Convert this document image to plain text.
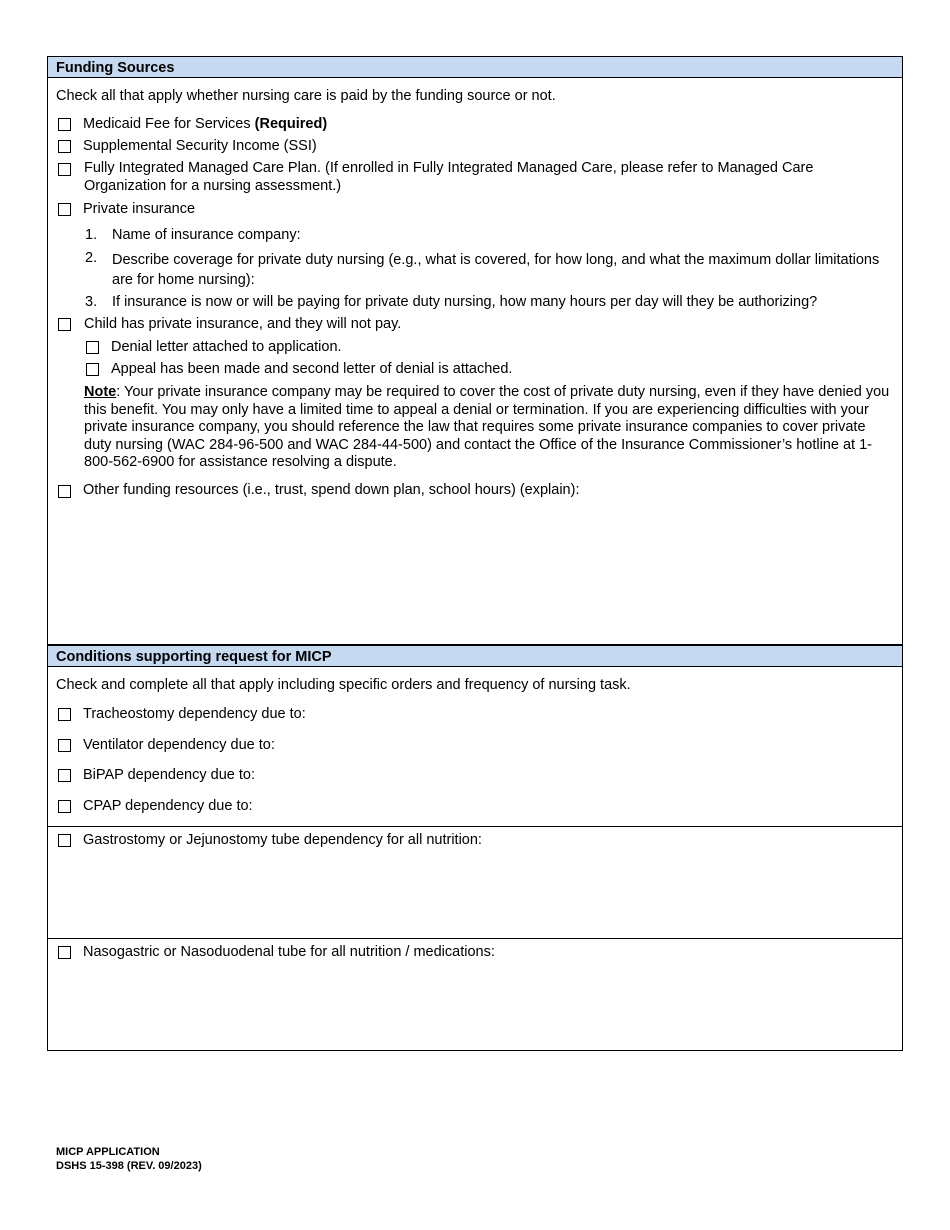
Funding Sources
Check all that apply whether nursing care is paid by the funding source or not.
Medicaid Fee for Services (Required)
Supplemental Security Income (SSI)
Fully Integrated Managed Care Plan. (If enrolled in Fully Integrated Managed Care, please refer to Managed Care Organization for a nursing assessment.)
Private insurance
1.	Name of insurance company:
2.	Describe coverage for private duty nursing (e.g., what is covered, for how long, and what the maximum dollar limitations are for home nursing):
3.	If insurance is now or will be paying for private duty nursing, how many hours per day will they be authorizing?
Child has private insurance, and they will not pay.
Denial letter attached to application.
Appeal has been made and second letter of denial is attached.
Note: Your private insurance company may be required to cover the cost of private duty nursing, even if they have denied you this benefit. You may only have a limited time to appeal a denial or termination. If you are experiencing difficulties with your private insurance company, you should reference the law that requires some private insurance companies to cover private duty nursing (WAC 284-96-500 and WAC 284-44-500) and contact the Office of the Insurance Commissioner’s hotline at 1-800-562-6900 for assistance resolving a dispute.
Other funding resources (i.e., trust, spend down plan, school hours) (explain):
Conditions supporting request for MICP
Check and complete all that apply including specific orders and frequency of nursing task.
Tracheostomy dependency due to:
Ventilator dependency due to:
BiPAP dependency due to:
CPAP dependency due to:
Gastrostomy or Jejunostomy tube dependency for all nutrition:
Nasogastric or Nasoduodenal tube for all nutrition / medications:
MICP APPLICATION
DSHS 15-398 (REV. 09/2023)
